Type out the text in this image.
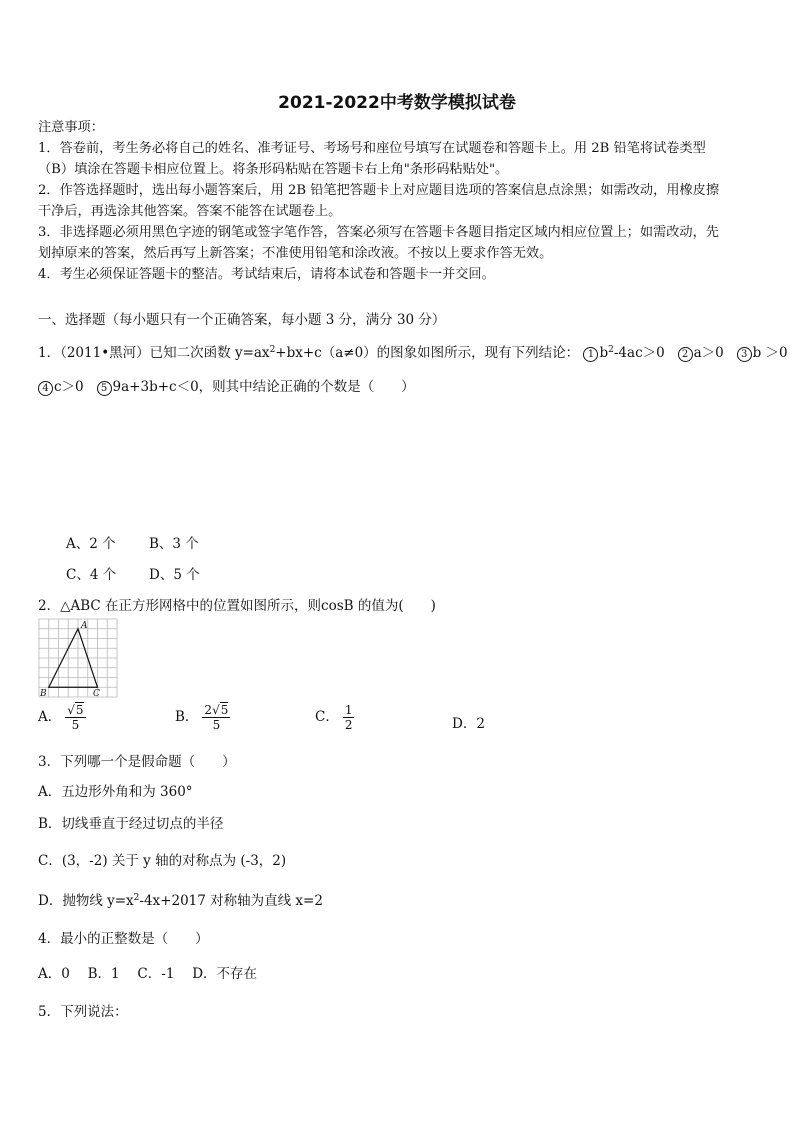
2021-2022中考数学模拟试卷
注意事项：
1．答卷前，考生务必将自己的姓名、准考证号、考场号和座位号填写在试题卷和答题卡上。用 2B 铅笔将试卷类型
（B）填涂在答题卡相应位置上。将条形码粘贴在答题卡右上角"条形码粘贴处"。
2．作答选择题时，选出每小题答案后，用 2B 铅笔把答题卡上对应题目选项的答案信息点涂黑；如需改动，用橡皮擦
干净后，再选涂其他答案。答案不能答在试题卷上。
3．非选择题必须用黑色字迹的钢笔或签字笔作答，答案必须写在答题卡各题目指定区域内相应位置上；如需改动，先
划掉原来的答案，然后再写上新答案；不准使用铅笔和涂改液。不按以上要求作答无效。
4．考生必须保证答题卡的整洁。考试结束后，请将本试卷和答题卡一并交回。
一、选择题（每小题只有一个正确答案，每小题 3 分，满分 30 分）
1．（2011•黑河）已知二次函数 $y=ax^2+bx+c(a\ne 0)$的图象如图所示，现有下列结论： 1 $b^2-4ac>0$ 2 a＞0 3 b ＞0
4 c＞0 5 9a+3b+c＜0，则其中结论正确的个数是（　　）
A、2 个 B、3 个
C、4 个 D、5 个
2．△ABC 在正方形网格中的位置如图所示，则cosB 的值为(　　)
A
B	C
A． $\frac{√5}{5}$	B． $\frac{2√5}{5}$	C． $\frac{1}{2}$	D．2
3．下列哪一个是假命题（　　）
A．五边形外角和为 360°
B．切线垂直于经过切点的半径
C．(3，-2) 关于 y 轴的对称点为 (-3，2)
D．抛物线 $y=x^2-4x+2017$ 对称轴为直线 x=2
4．最小的正整数是（　　）
A．0　 B．1　 C．-1　 D．不存在
5．下列说法：
